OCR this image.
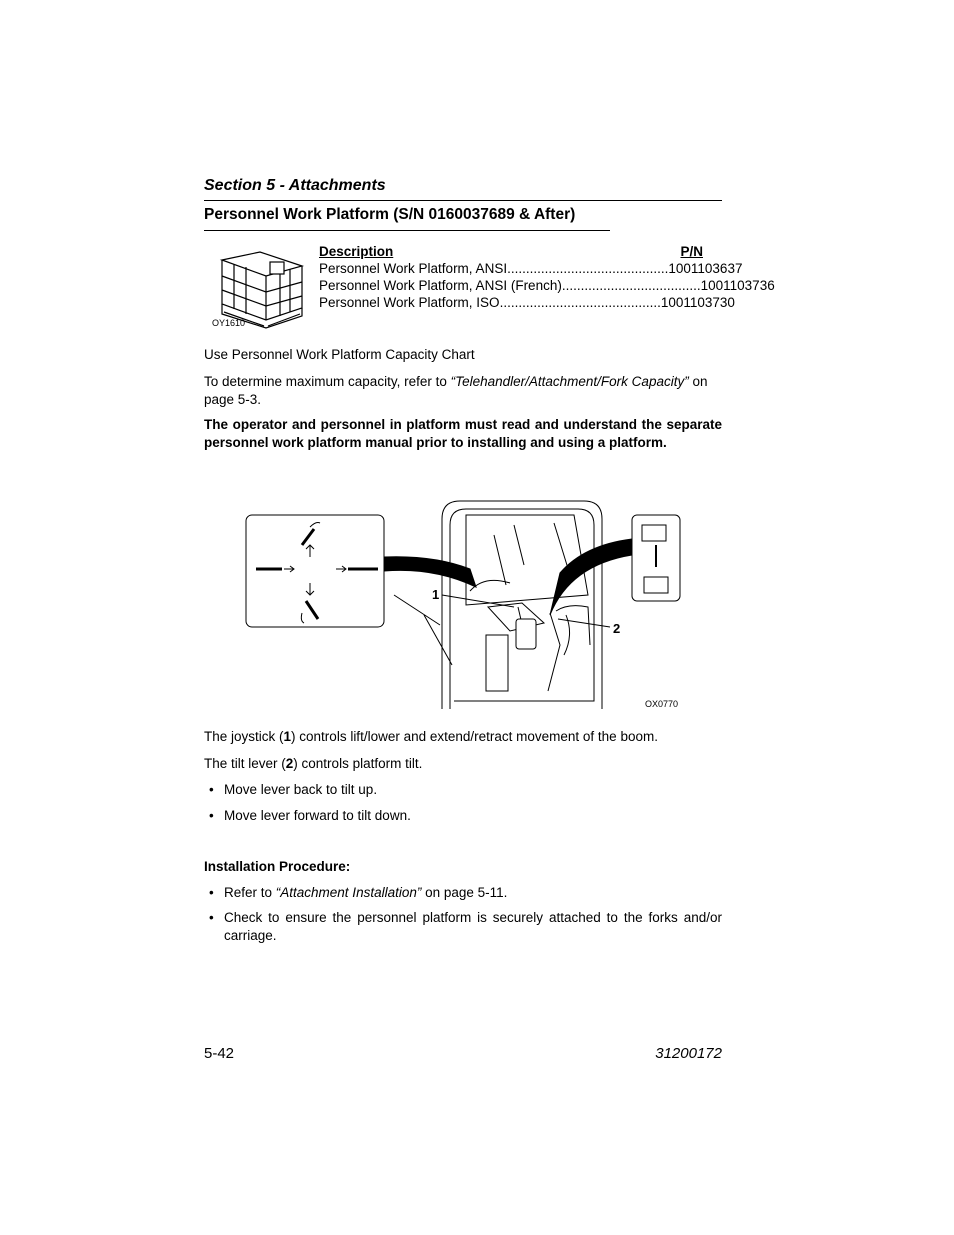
Section 5 - Attachments
Personnel Work Platform (S/N 0160037689 & After)
OY1610
Description	P/N
Personnel Work Platform, ANSI ........................................... 1001103637
Personnel Work Platform, ANSI (French) ..................................... 1001103736
Personnel Work Platform, ISO ........................................... 1001103730
Use Personnel Work Platform Capacity Chart
To determine maximum capacity, refer to “Telehandler/Attachment/Fork Capacity” on page 5-3.
The operator and personnel in platform must read and understand the separate personnel work platform manual prior to installing and using a platform.
1
2
OX0770
The joystick (1) controls lift/lower and extend/retract movement of the boom.
The tilt lever (2) controls platform tilt.
• Move lever back to tilt up.
• Move lever forward to tilt down.
Installation Procedure:
• Refer to “Attachment Installation” on page 5-11.
• Check to ensure the personnel platform is securely attached to the forks and/or carriage.
5-42	31200172
